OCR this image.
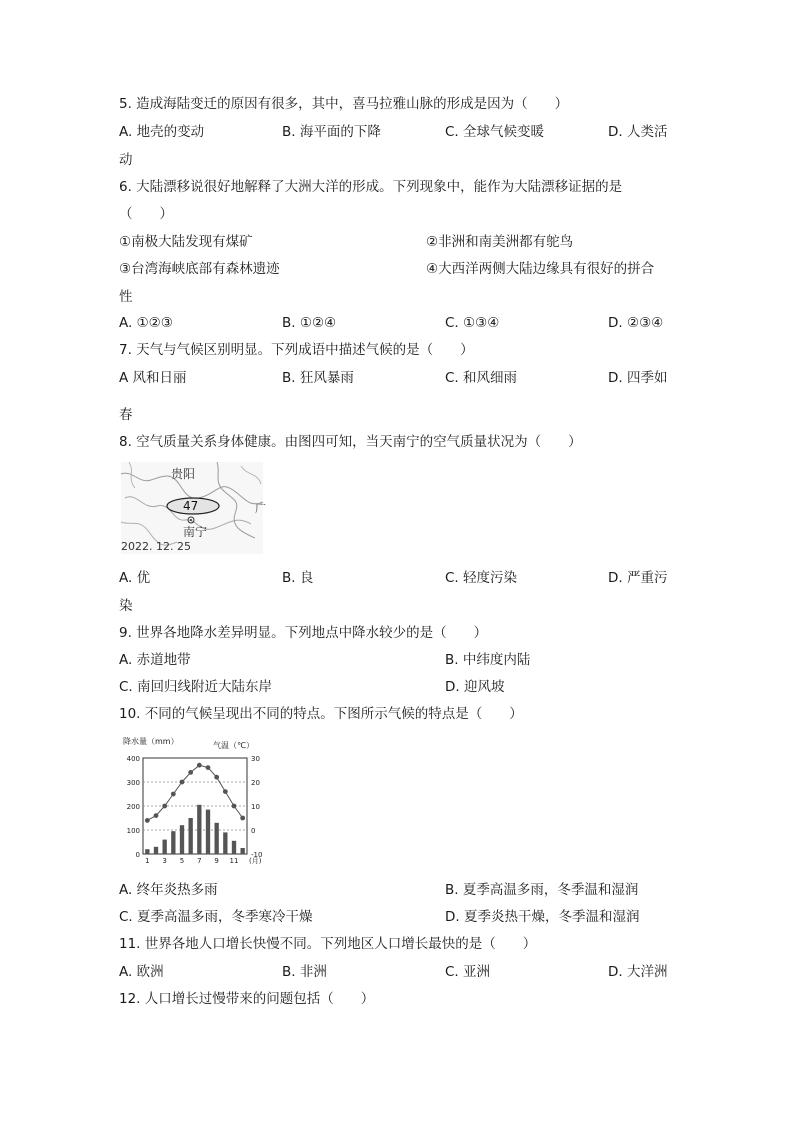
5. 造成海陆变迁的原因有很多，其中，喜马拉雅山脉的形成是因为（　　）
A. 地壳的变动	B. 海平面的下降	C. 全球气候变暖	D. 人类活
动
6. 大陆漂移说很好地解释了大洲大洋的形成。下列现象中，能作为大陆漂移证据的是
（　　）
①南极大陆发现有煤矿	②非洲和南美洲都有鸵鸟
③台湾海峡底部有森林遗迹	④大西洋两侧大陆边缘具有很好的拼合
性
A. ①②③	B. ①②④	C. ①③④	D. ②③④
7. 天气与气候区别明显。下列成语中描述气候的是（　　）
A 风和日丽	B. 狂风暴雨	C. 和风细雨	D. 四季如
春
8. 空气质量关系身体健康。由图四可知，当天南宁的空气质量状况为（　　）
贵阳
47
南宁
2022. 12. 25
广
A. 优	B. 良	C. 轻度污染	D. 严重污
染
9. 世界各地降水差异明显。下列地点中降水较少的是（　　）
A. 赤道地带	B. 中纬度内陆
C. 南回归线附近大陆东岸	D. 迎风坡
10. 不同的气候呈现出不同的特点。下图所示气候的特点是（　　）
降水量（mm）	气温（℃）
400
300
200
100
0
30
20
10
0
-10
1 3 5 7 9 11 (月)
A. 终年炎热多雨	B. 夏季高温多雨，冬季温和湿润
C. 夏季高温多雨，冬季寒冷干燥	D. 夏季炎热干燥，冬季温和湿润
11. 世界各地人口增长快慢不同。下列地区人口增长最快的是（　　）
A. 欧洲	B. 非洲	C. 亚洲	D. 大洋洲
12. 人口增长过慢带来的问题包括（　　）
